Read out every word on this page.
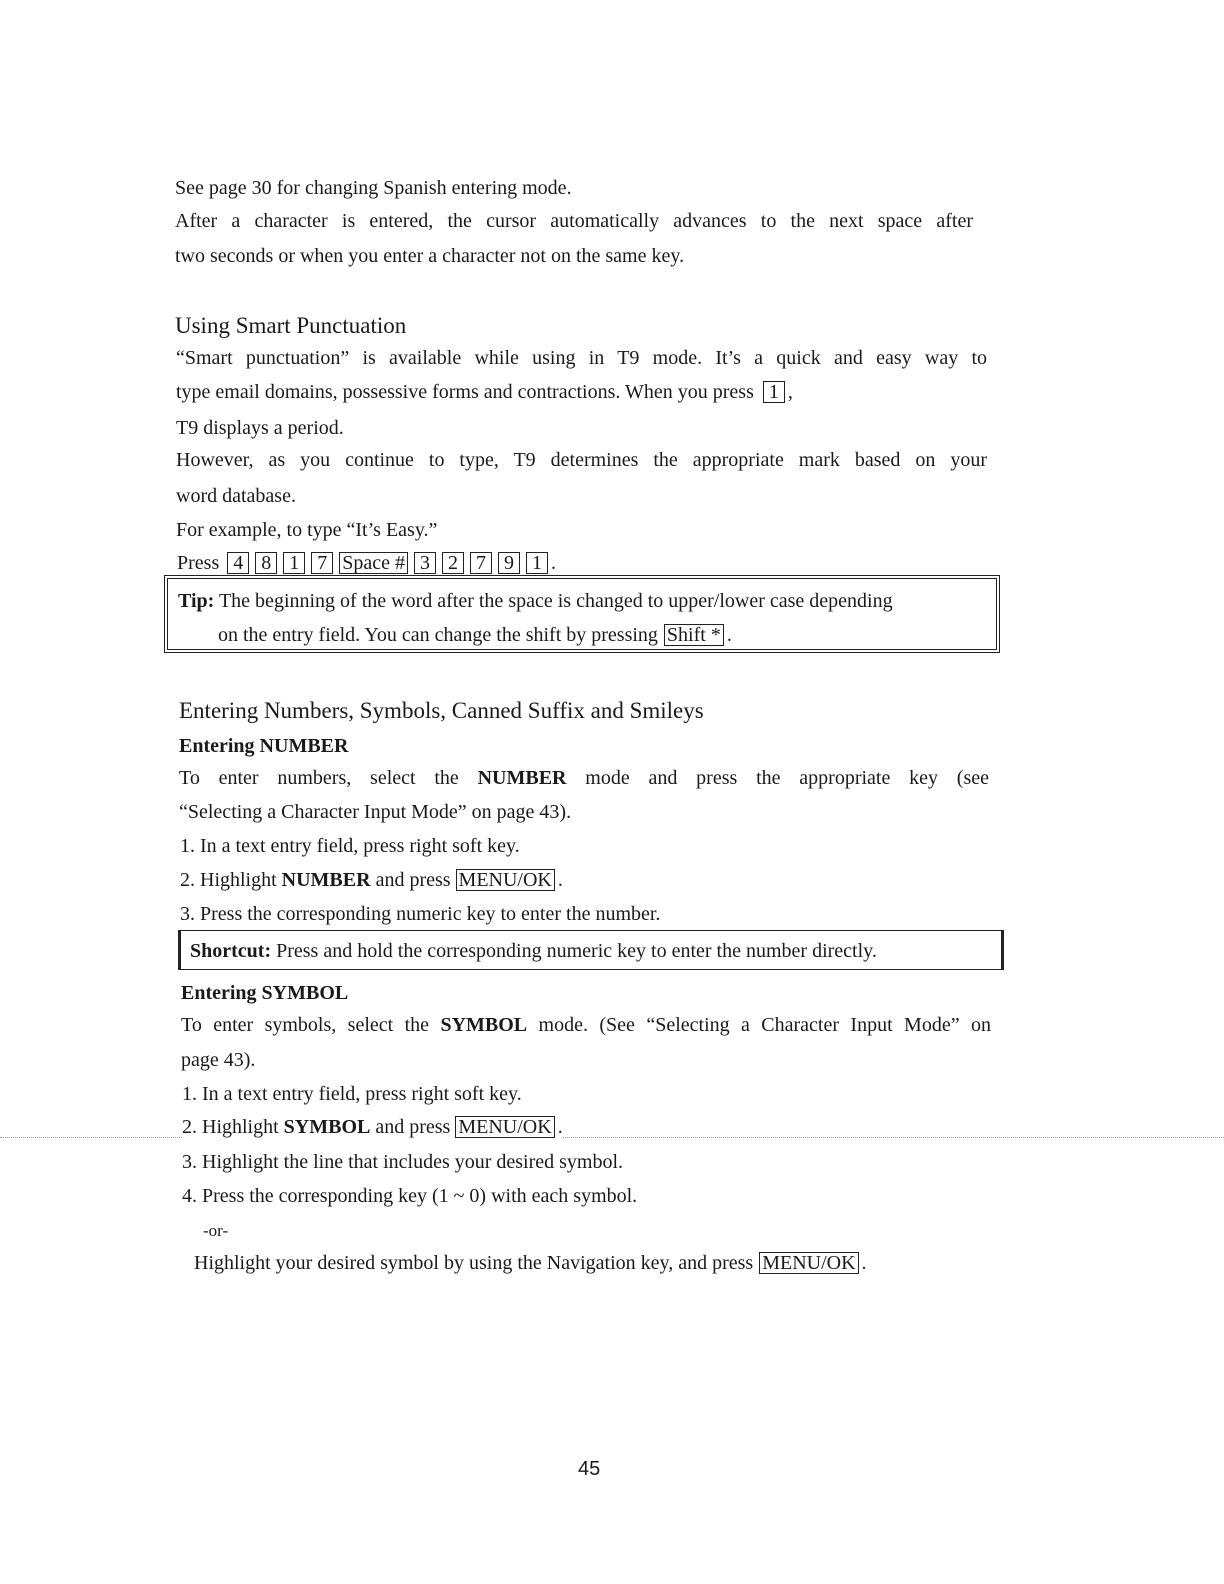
See page 30 for changing Spanish entering mode.
After a character is entered, the cursor automatically advances to the next space after
two seconds or when you enter a character not on the same key.
Using Smart Punctuation
“Smart punctuation” is available while using in T9 mode. It’s a quick and easy way to
type email domains, possessive forms and contractions. When you press 1 ,
T9 displays a period.
However, as you continue to type, T9 determines the appropriate mark based on your
word database.
For example, to type “It’s Easy.”
Press 4 8 1 7 Space # 3 2 7 9 1 .
Tip: The beginning of the word after the space is changed to upper/lower case depending
on the entry field. You can change the shift by pressing Shift * .
Entering Numbers, Symbols, Canned Suffix and Smileys
Entering NUMBER
To enter numbers, select the NUMBER mode and press the appropriate key (see
“Selecting a Character Input Mode” on page 43).
1. In a text entry field, press right soft key.
2. Highlight NUMBER and press MENU/OK .
3. Press the corresponding numeric key to enter the number.
Shortcut: Press and hold the corresponding numeric key to enter the number directly.
Entering SYMBOL
To enter symbols, select the SYMBOL mode. (See “Selecting a Character Input Mode” on
page 43).
1. In a text entry field, press right soft key.
2. Highlight SYMBOL and press MENU/OK .
3. Highlight the line that includes your desired symbol.
4. Press the corresponding key (1 ~ 0) with each symbol.
-or-
Highlight your desired symbol by using the Navigation key, and press MENU/OK .
45
